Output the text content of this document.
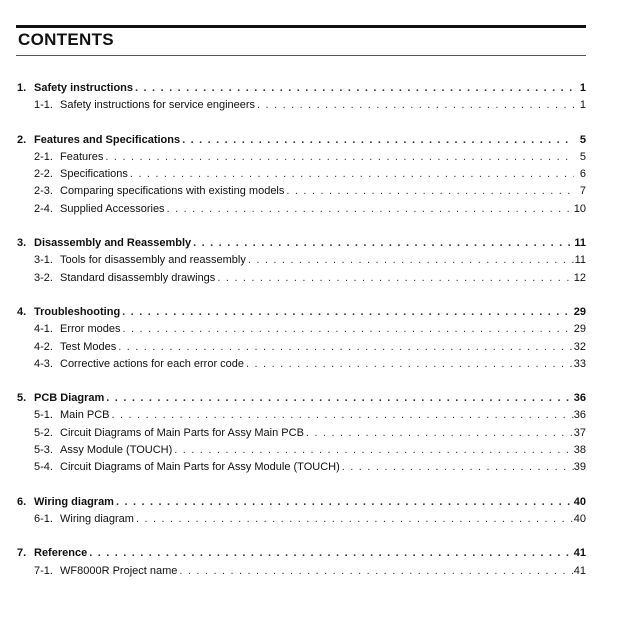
CONTENTS
1. Safety instructions . . .	1
1-1. Safety instructions for service engineers . . .	1
2. Features and Specifications . . .	5
2-1. Features . . .	5
2-2. Specifications . . .	6
2-3. Comparing specifications with existing models . . .	7
2-4. Supplied Accessories . . .	10
3. Disassembly and Reassembly . . .	11
3-1. Tools for disassembly and reassembly . . .	11
3-2. Standard disassembly drawings . . .	12
4. Troubleshooting . . .	29
4-1. Error modes . . .	29
4-2. Test Modes . . .	32
4-3. Corrective actions for each error code . . .	33
5. PCB Diagram . . .	36
5-1. Main PCB . . .	36
5-2. Circuit Diagrams of Main Parts for Assy Main PCB . . .	37
5-3. Assy Module (TOUCH) . . .	38
5-4. Circuit Diagrams of Main Parts for Assy Module (TOUCH) . . .	39
6. Wiring diagram . . .	40
6-1. Wiring diagram . . .	40
7. Reference . . .	41
7-1. WF8000R Project name . . .	41
